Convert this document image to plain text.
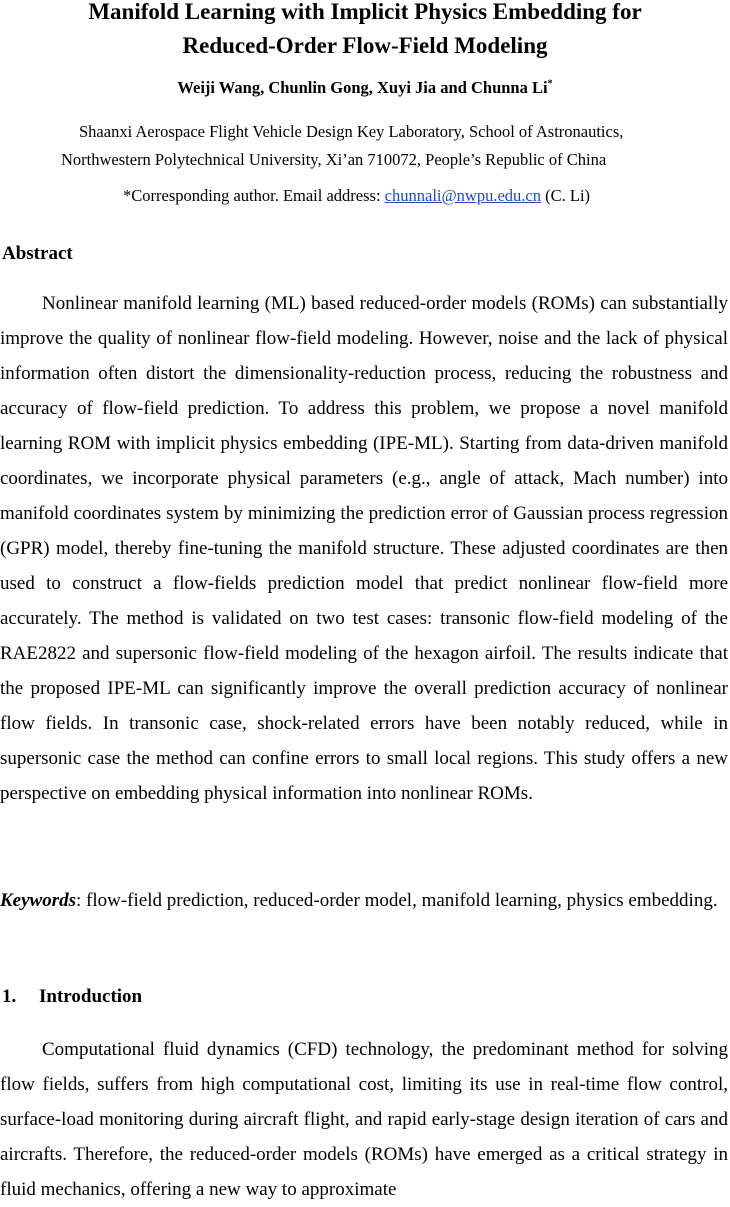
Manifold Learning with Implicit Physics Embedding for
Reduced-Order Flow-Field Modeling
Weiji Wang, Chunlin Gong, Xuyi Jia and Chunna Li*
Shaanxi Aerospace Flight Vehicle Design Key Laboratory, School of Astronautics,
Northwestern Polytechnical University, Xi’an 710072, People’s Republic of China
*Corresponding author. Email address: chunnali@nwpu.edu.cn (C. Li)
Abstract
Nonlinear manifold learning (ML) based reduced-order models (ROMs) can substantially improve the quality of nonlinear flow-field modeling. However, noise and the lack of physical information often distort the dimensionality-reduction process, reducing the robustness and accuracy of flow-field prediction. To address this problem, we propose a novel manifold learning ROM with implicit physics embedding (IPE-ML). Starting from data-driven manifold coordinates, we incorporate physical parameters (e.g., angle of attack, Mach number) into manifold coordinates system by minimizing the prediction error of Gaussian process regression (GPR) model, thereby fine-tuning the manifold structure. These adjusted coordinates are then used to construct a flow-fields prediction model that predict nonlinear flow-field more accurately. The method is validated on two test cases: transonic flow-field modeling of the RAE2822 and supersonic flow-field modeling of the hexagon airfoil. The results indicate that the proposed IPE-ML can significantly improve the overall prediction accuracy of nonlinear flow fields. In transonic case, shock-related errors have been notably reduced, while in supersonic case the method can confine errors to small local regions. This study offers a new perspective on embedding physical information into nonlinear ROMs.
Keywords: flow-field prediction, reduced-order model, manifold learning, physics embedding.
1. Introduction
Computational fluid dynamics (CFD) technology, the predominant method for solving flow fields, suffers from high computational cost, limiting its use in real-time flow control, surface-load monitoring during aircraft flight, and rapid early-stage design iteration of cars and aircrafts. Therefore, the reduced-order models (ROMs) have emerged as a critical strategy in fluid mechanics, offering a new way to approximate
